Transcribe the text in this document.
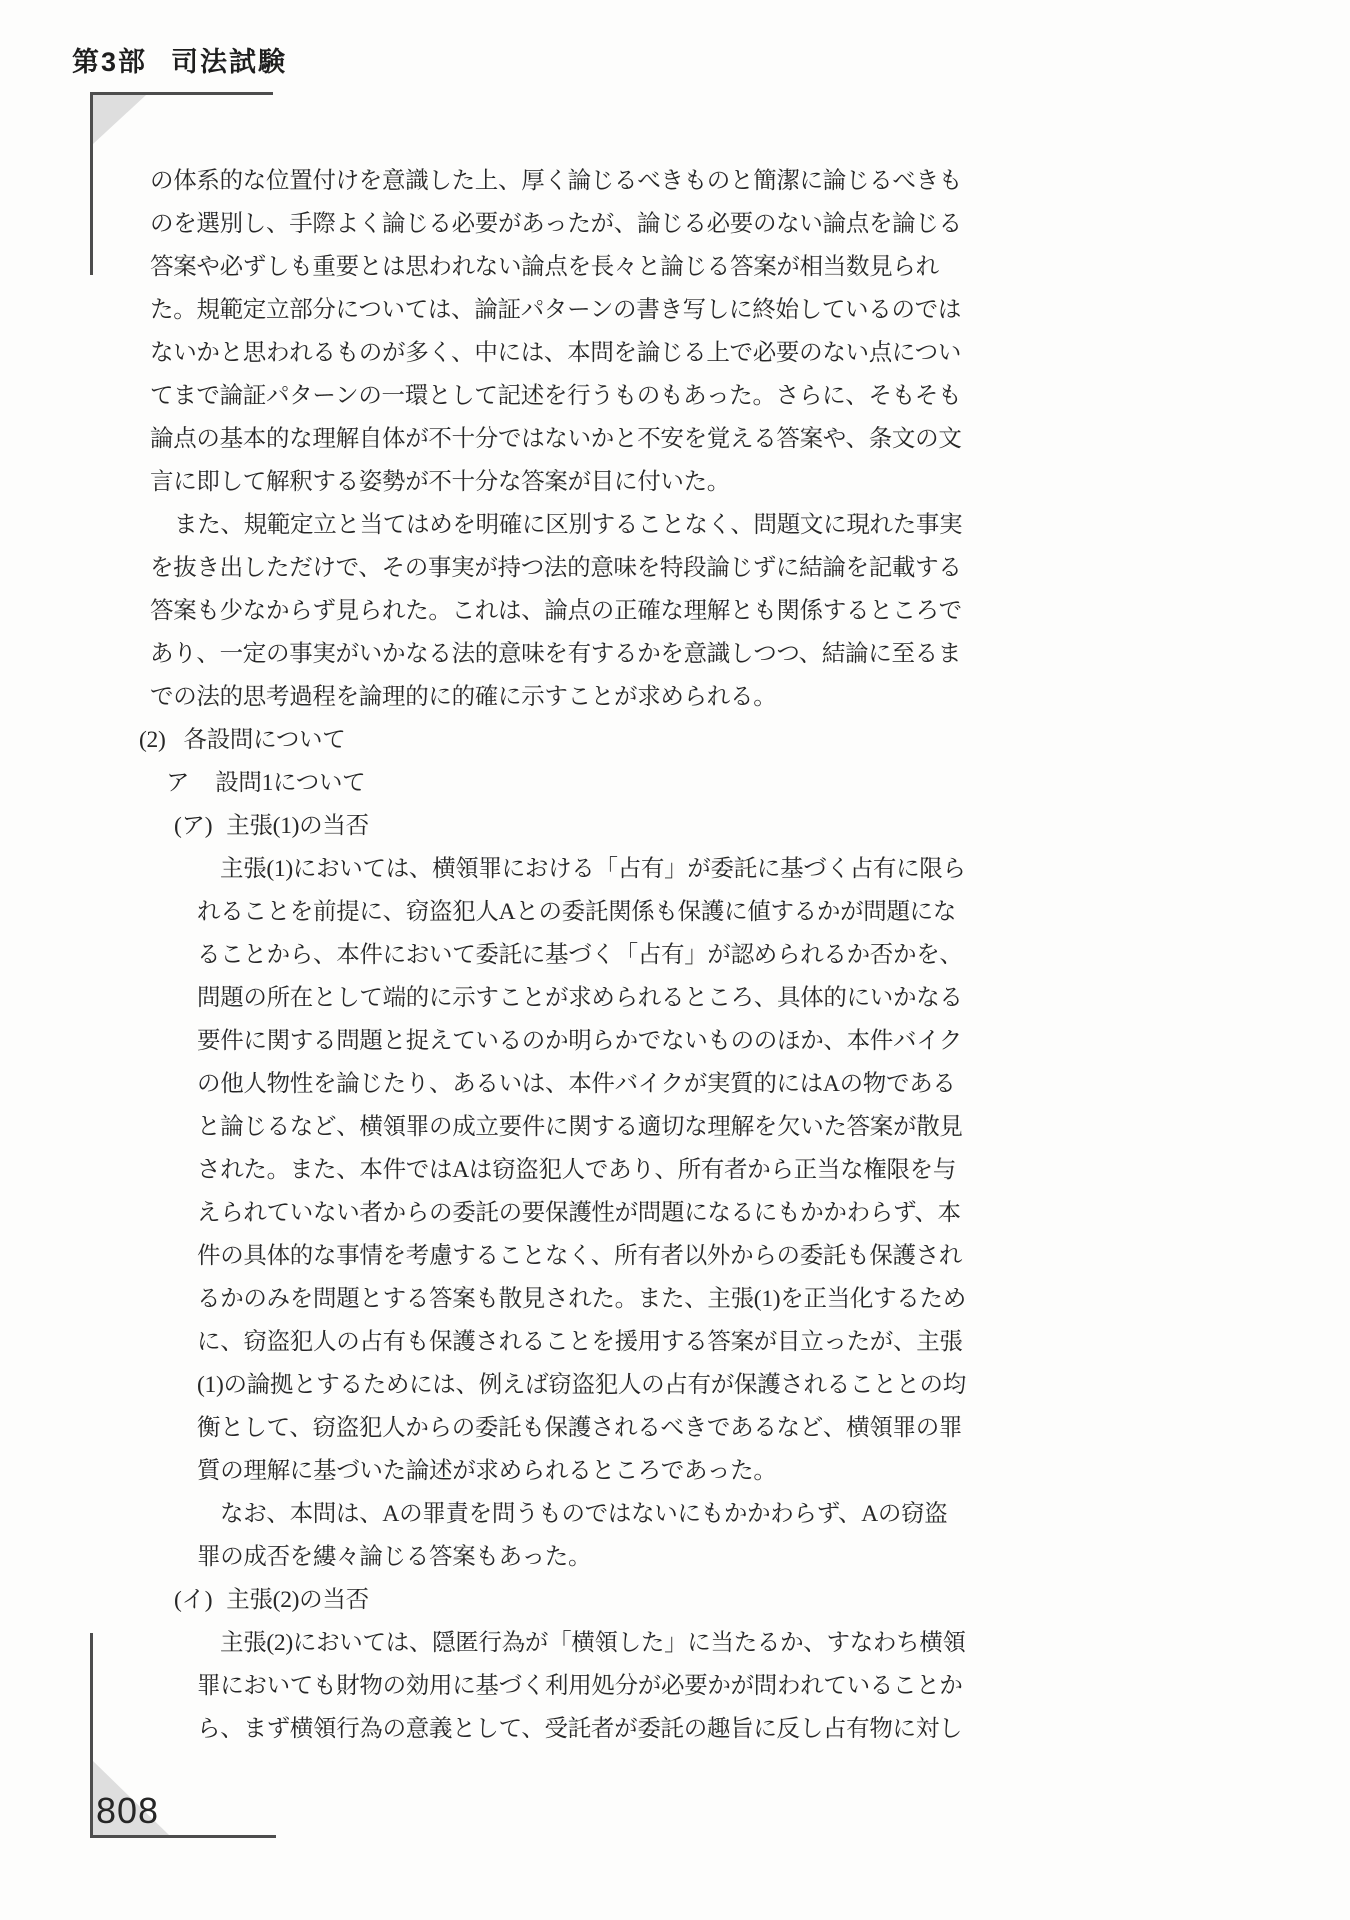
第3部 司法試験
の体系的な位置付けを意識した上、厚く論じるべきものと簡潔に論じるべきも
のを選別し、手際よく論じる必要があったが、論じる必要のない論点を論じる
答案や必ずしも重要とは思われない論点を長々と論じる答案が相当数見られ
た。規範定立部分については、論証パターンの書き写しに終始しているのでは
ないかと思われるものが多く、中には、本問を論じる上で必要のない点につい
てまで論証パターンの一環として記述を行うものもあった。さらに、そもそも
論点の基本的な理解自体が不十分ではないかと不安を覚える答案や、条文の文
言に即して解釈する姿勢が不十分な答案が目に付いた。
また、規範定立と当てはめを明確に区別することなく、問題文に現れた事実
を抜き出しただけで、その事実が持つ法的意味を特段論じずに結論を記載する
答案も少なからず見られた。これは、論点の正確な理解とも関係するところで
あり、一定の事実がいかなる法的意味を有するかを意識しつつ、結論に至るま
での法的思考過程を論理的に的確に示すことが求められる。
(2) 各設問について
ア 設問1について
(ア) 主張(1)の当否
主張(1)においては、横領罪における「占有」が委託に基づく占有に限ら
れることを前提に、窃盗犯人Aとの委託関係も保護に値するかが問題にな
ることから、本件において委託に基づく「占有」が認められるか否かを、
問題の所在として端的に示すことが求められるところ、具体的にいかなる
要件に関する問題と捉えているのか明らかでないもののほか、本件バイク
の他人物性を論じたり、あるいは、本件バイクが実質的にはAの物である
と論じるなど、横領罪の成立要件に関する適切な理解を欠いた答案が散見
された。また、本件ではAは窃盗犯人であり、所有者から正当な権限を与
えられていない者からの委託の要保護性が問題になるにもかかわらず、本
件の具体的な事情を考慮することなく、所有者以外からの委託も保護され
るかのみを問題とする答案も散見された。また、主張(1)を正当化するため
に、窃盗犯人の占有も保護されることを援用する答案が目立ったが、主張
(1)の論拠とするためには、例えば窃盗犯人の占有が保護されることとの均
衡として、窃盗犯人からの委託も保護されるべきであるなど、横領罪の罪
質の理解に基づいた論述が求められるところであった。
なお、本問は、Aの罪責を問うものではないにもかかわらず、Aの窃盗
罪の成否を縷々論じる答案もあった。
(イ) 主張(2)の当否
主張(2)においては、隠匿行為が「横領した」に当たるか、すなわち横領
罪においても財物の効用に基づく利用処分が必要かが問われていることか
ら、まず横領行為の意義として、受託者が委託の趣旨に反し占有物に対し
808
